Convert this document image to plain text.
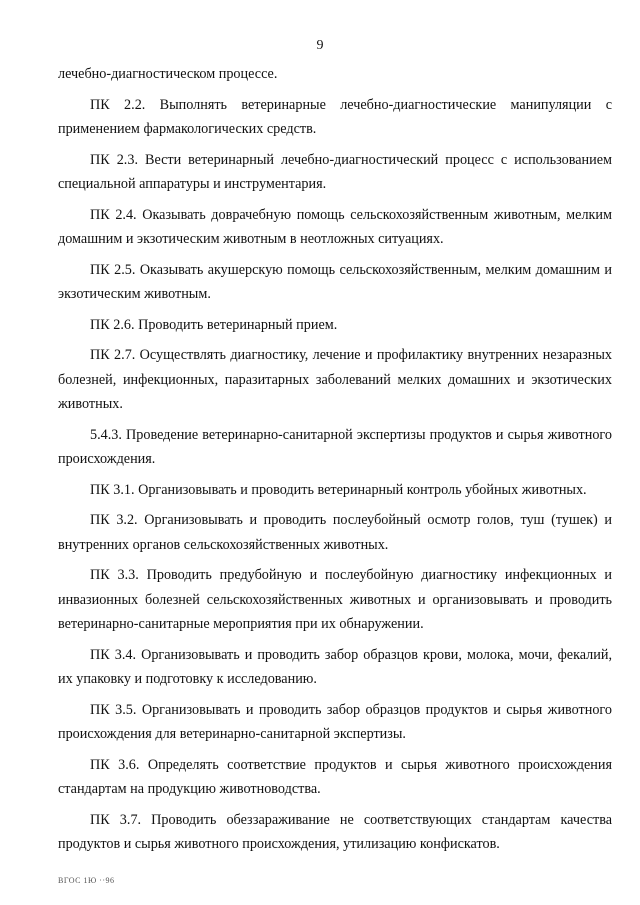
9

лечебно-диагностическом процессе.

ПК 2.2. Выполнять ветеринарные лечебно-диагностические манипуляции с применением фармакологических средств.

ПК 2.3. Вести ветеринарный лечебно-диагностический процесс с использованием специальной аппаратуры и инструментария.

ПК 2.4. Оказывать доврачебную помощь сельскохозяйственным животным, мелким домашним и экзотическим животным в неотложных ситуациях.

ПК 2.5. Оказывать акушерскую помощь сельскохозяйственным, мелким домашним и экзотическим животным.

ПК 2.6. Проводить ветеринарный прием.

ПК 2.7. Осуществлять диагностику, лечение и профилактику внутренних незаразных болезней, инфекционных, паразитарных заболеваний мелких домашних и экзотических животных.

5.4.3. Проведение ветеринарно-санитарной экспертизы продуктов и сырья животного происхождения.

ПК 3.1. Организовывать и проводить ветеринарный контроль убойных животных.

ПК 3.2. Организовывать и проводить послеубойный осмотр голов, туш (тушек) и внутренних органов сельскохозяйственных животных.

ПК 3.3. Проводить предубойную и послеубойную диагностику инфекционных и инвазионных болезней сельскохозяйственных животных и организовывать и проводить ветеринарно-санитарные мероприятия при их обнаружении.

ПК 3.4. Организовывать и проводить забор образцов крови, молока, мочи, фекалий, их упаковку и подготовку к исследованию.

ПК 3.5. Организовывать и проводить забор образцов продуктов и сырья животного происхождения для ветеринарно-санитарной экспертизы.

ПК 3.6. Определять соответствие продуктов и сырья животного происхождения стандартам на продукцию животноводства.

ПК 3.7. Проводить обеззараживание не соответствующих стандартам качества продуктов и сырья животного происхождения, утилизацию конфискатов.

ВГОС 1Ю ··96
